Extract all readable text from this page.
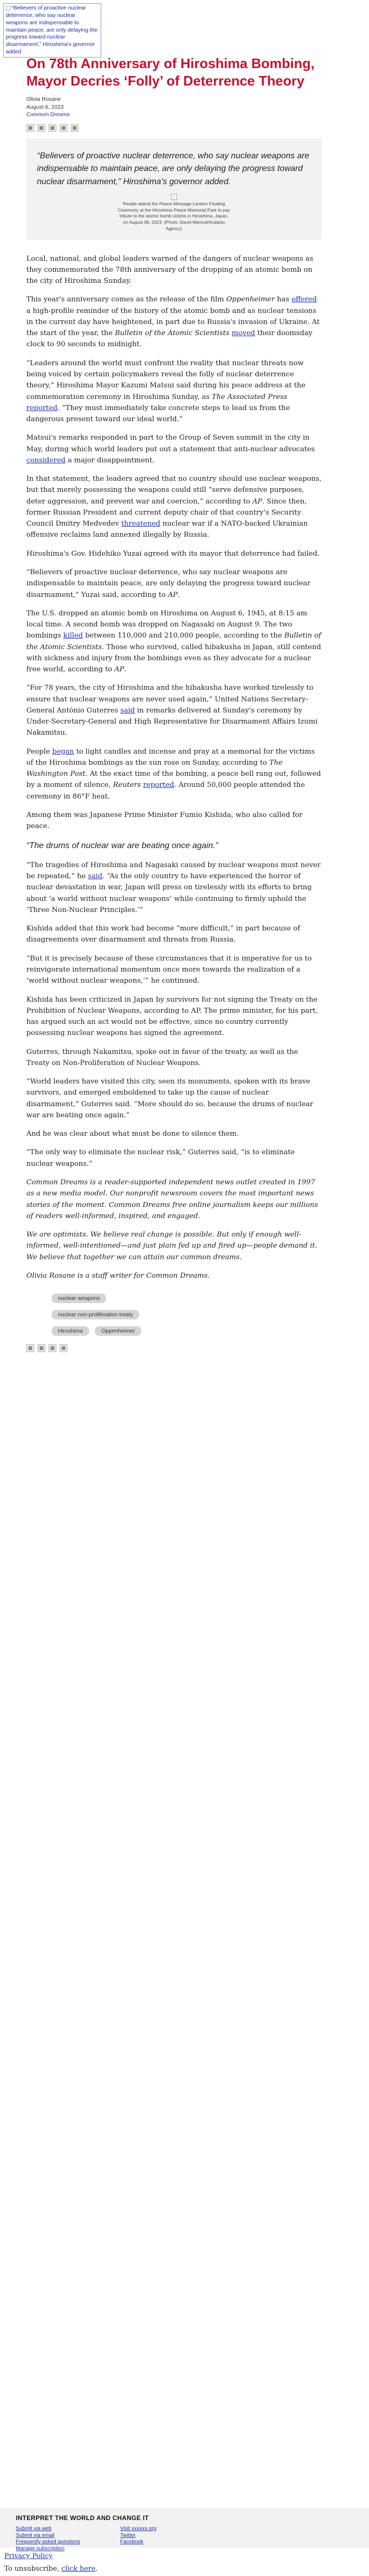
“Believers of proactive nuclear deterrence, who say nuclear weapons are indispensable to maintain peace, are only delaying the progress toward nuclear disarmament,” Hiroshima's governor added
On 78th Anniversary of Hiroshima Bombing, Mayor Decries ‘Folly’ of Deterrence Theory
Olivia Rosane
August 6, 2023
Common Dreams
“Believers of proactive nuclear deterrence, who say nuclear weapons are indispensable to maintain peace, are only delaying the progress toward nuclear disarmament,” Hiroshima's governor added.
People attend the Peace Message Lantern Floating Ceremony at the Hiroshima Peace Memorial Park to pay tribute to the atomic bomb victims in Hiroshima, Japan, on August 06, 2023. (Photo: David Mareuil/Anadolu Agency)

Local, national, and global leaders warned of the dangers of nuclear weapons as they commemorated the 78th anniversary of the dropping of an atomic bomb on the city of Hiroshima Sunday.

This year's anniversary comes as the release of the film Oppenheimer has offered a high-profile reminder of the history of the atomic bomb and as nuclear tensions in the current day have heightened, in part due to Russia's invasion of Ukraine. At the start of the year, the Bulletin of the Atomic Scientists moved their doomsday clock to 90 seconds to midnight.

“Leaders around the world must confront the reality that nuclear threats now being voiced by certain policymakers reveal the folly of nuclear deterrence theory,” Hiroshima Mayor Kazumi Matsui said during his peace address at the commemoration ceremony in Hiroshima Sunday, as The Associated Press reported. “They must immediately take concrete steps to lead us from the dangerous present toward our ideal world.”

Matsui's remarks responded in part to the Group of Seven summit in the city in May, during which world leaders put out a statement that anti-nuclear advocates considered a major disappointment.

In that statement, the leaders agreed that no country should use nuclear weapons, but that merely possessing the weapons could still “serve defensive purposes, deter aggression, and prevent war and coercion,” according to AP. Since then, former Russian President and current deputy chair of that country's Security Council Dmitry Medvedev threatened nuclear war if a NATO-backed Ukrainian offensive reclaims land annexed illegally by Russia.

Hiroshima's Gov. Hidehiko Yuzai agreed with its mayor that deterrence had failed.

“Believers of proactive nuclear deterrence, who say nuclear weapons are indispensable to maintain peace, are only delaying the progress toward nuclear disarmament,” Yuzai said, according to AP.

The U.S. dropped an atomic bomb on Hiroshima on August 6, 1945, at 8:15 am local time. A second bomb was dropped on Nagasaki on August 9. The two bombings killed between 110,000 and 210,000 people, according to the Bulletin of the Atomic Scientists. Those who survived, called hibakusha in Japan, still contend with sickness and injury from the bombings even as they advocate for a nuclear free world, according to AP.

“For 78 years, the city of Hiroshima and the hibakusha have worked tirelessly to ensure that nuclear weapons are never used again,” United Nations Secretary-General António Guterres said in remarks delivered at Sunday's ceremony by Under-Secretary-General and High Representative for Disarmament Affairs Izumi Nakamitsu.

People began to light candles and incense and pray at a memorial for the victims of the Hiroshima bombings as the sun rose on Sunday, according to The Washington Post. At the exact time of the bombing, a peace bell rang out, followed by a moment of silence, Reuters reported. Around 50,000 people attended the ceremony in 86°F heat.

Among them was Japanese Prime Minister Fumio Kishida, who also called for peace.

“The drums of nuclear war are beating once again.”

“The tragedies of Hiroshima and Nagasaki caused by nuclear weapons must never be repeated,” he said. “As the only country to have experienced the horror of nuclear devastation in war, Japan will press on tirelessly with its efforts to bring about ‘a world without nuclear weapons’ while continuing to firmly uphold the ‘Three Non-Nuclear Principles.’”

Kishida added that this work had become “more difficult,” in part because of disagreements over disarmament and threats from Russia.

“But it is precisely because of these circumstances that it is imperative for us to reinvigorate international momentum once more towards the realization of a ‘world without nuclear weapons,’” he continued.

Kishida has been criticized in Japan by survivors for not signing the Treaty on the Prohibition of Nuclear Weapons, according to AP. The prime minister, for his part, has argued such an act would not be effective, since no country currently possessing nuclear weapons has signed the agreement.

Guterres, through Nakamitsu, spoke out in favor of the treaty, as well as the Treaty on Non-Proliferation of Nuclear Weapons.

“World leaders have visited this city, seen its monuments, spoken with its brave survivors, and emerged emboldened to take up the cause of nuclear disarmament,” Guterres said. “More should do so. because the drums of nuclear war are beating once again.”

And he was clear about what must be done to silence them.

“The only way to eliminate the nuclear risk,” Guterres said, “is to eliminate nuclear weapons.”

Common Dreams is a reader-supported independent news outlet created in 1997 as a new media model. Our nonprofit newsroom covers the most important news stories of the moment. Common Dreams free online journalism keeps our millions of readers well-informed, inspired, and engaged.

We are optimists. We believe real change is possible. But only if enough well-informed, well-intentioned—and just plain fed up and fired up—people demand it. We believe that together we can attain our common dreams.

Olivia Rosane is a staff writer for Common Dreams.

nuclear weapons
nuclear non-proliferation treaty
Hiroshima	Oppenheimer
INTERPRET THE WORLD AND CHANGE IT
Submit via web
Submit via email
Frequently asked questions
Manage subscription
Visit xxxxxx.org
Twitter
Facebook

Privacy Policy

To unsubscribe, click here.
